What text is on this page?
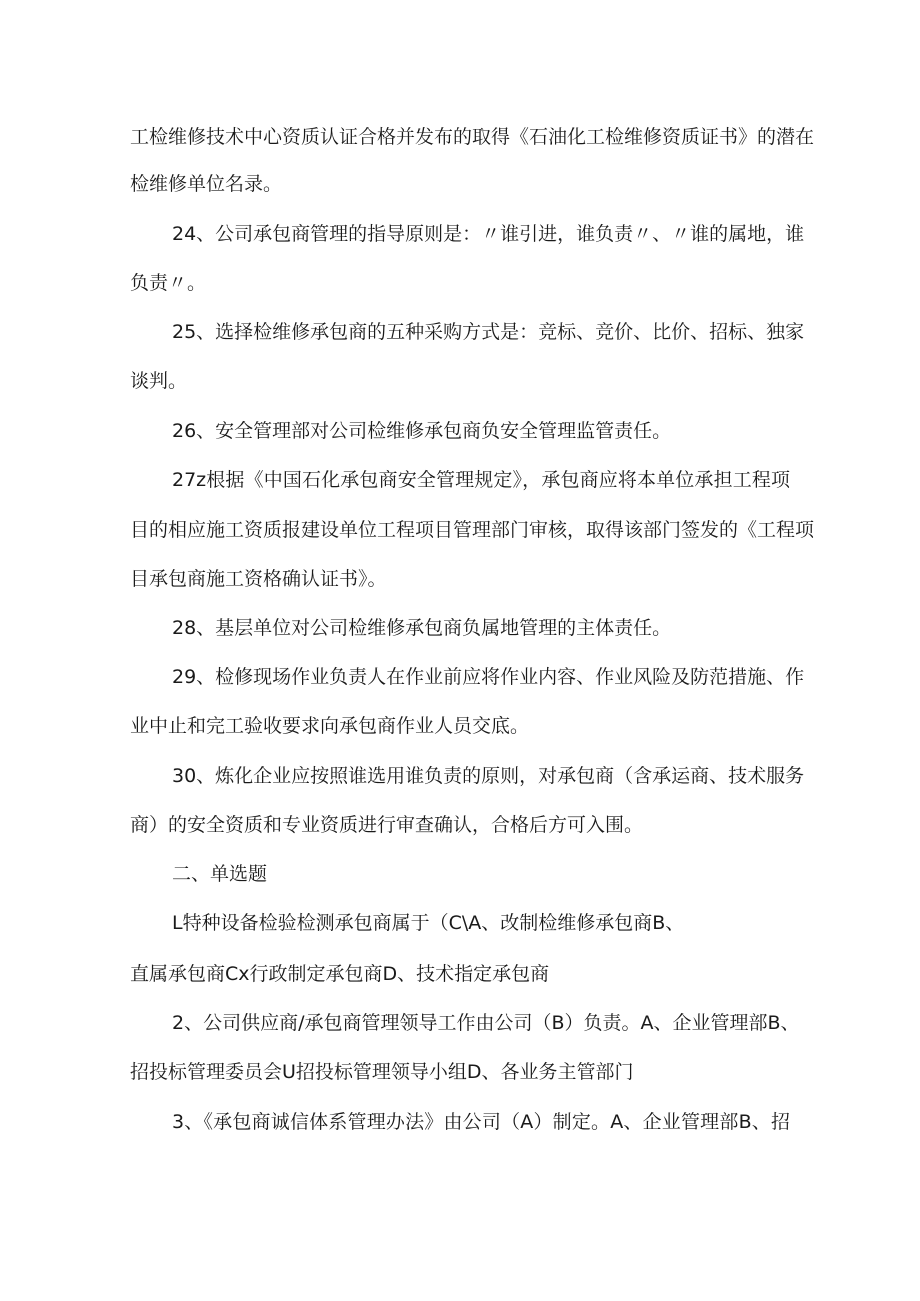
工检维修技术中心资质认证合格并发布的取得《石油化工检维修资质证书》的潜在
检维修单位名录。
24、公司承包商管理的指导原则是：〃谁引进，谁负责〃、〃谁的属地，谁
负责〃。
25、选择检维修承包商的五种采购方式是：竞标、竞价、比价、招标、独家
谈判。
26、安全管理部对公司检维修承包商负安全管理监管责任。
27z根据《中国石化承包商安全管理规定》，承包商应将本单位承担工程项
目的相应施工资质报建设单位工程项目管理部门审核，取得该部门签发的《工程项
目承包商施工资格确认证书》。
28、基层单位对公司检维修承包商负属地管理的主体责任。
29、检修现场作业负责人在作业前应将作业内容、作业风险及防范措施、作
业中止和完工验收要求向承包商作业人员交底。
30、炼化企业应按照谁选用谁负责的原则，对承包商（含承运商、技术服务
商）的安全资质和专业资质进行审查确认，合格后方可入围。
二、单选题
L特种设备检验检测承包商属于（C\A、改制检维修承包商B、
直属承包商Cx行政制定承包商D、技术指定承包商
2、公司供应商/承包商管理领导工作由公司（B）负责。A、企业管理部B、
招投标管理委员会U招投标管理领导小组D、各业务主管部门
3、《承包商诚信体系管理办法》由公司（A）制定。A、企业管理部B、招
